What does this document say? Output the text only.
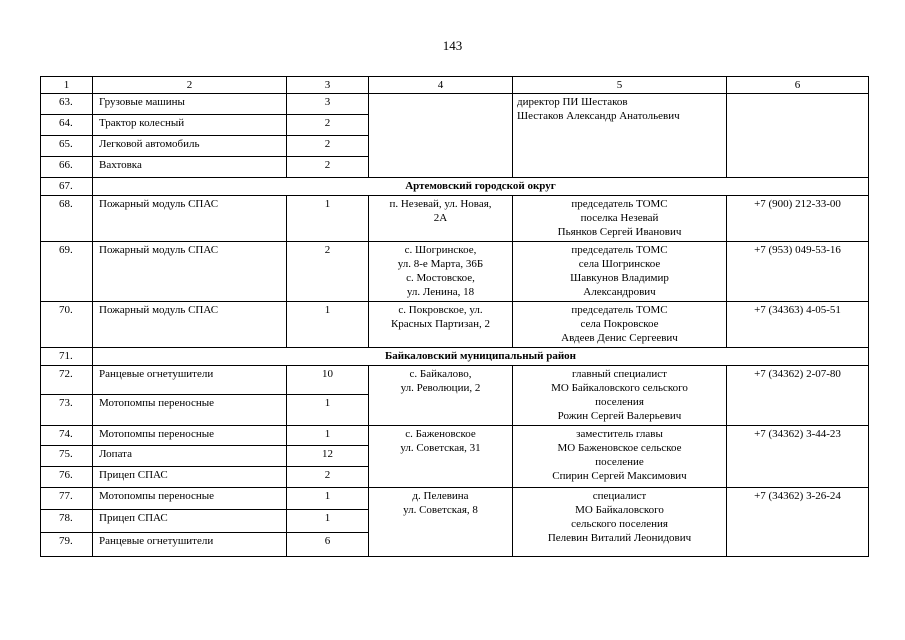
143
1	2	3	4	5	6
63.	Грузовые машины	3		директор ПИ Шестаков
Шестаков Александр Анатольевич	
64.	Трактор колесный	2			
65.	Легковой автомобиль	2			
66.	Вахтовка	2			
67.	Артемовский городской округ				
68.	Пожарный модуль СПАС	1	п. Незевай, ул. Новая,
2А	председатель ТОМС
поселка Незевай
Пьянков Сергей Иванович	+7 (900) 212-33-00
69.	Пожарный модуль СПАС	2	с. Шогринское,
ул. 8-е Марта, 36Б
с. Мостовское,
ул. Ленина, 18	председатель ТОМС
села Шогринское
Шавкунов Владимир
Александрович	+7 (953) 049-53-16
70.	Пожарный модуль СПАС	1	с. Покровское, ул.
Красных Партизан, 2	председатель ТОМС
села Покровское
Авдеев Денис Сергеевич	+7 (34363) 4-05-51
71.	Байкаловский муниципальный район				
72.	Ранцевые огнетушители	10	с. Байкалово,
ул. Революции, 2	главный специалист
МО Байкаловского сельского
поселения
Рожин Сергей Валерьевич	+7 (34362) 2-07-80
73.	Мотопомпы переносные	1			
74.	Мотопомпы переносные	1	с. Баженовское
ул. Советская, 31	заместитель главы
МО Баженовское сельское
поселение
Спирин Сергей Максимович	+7 (34362) 3-44-23
75.	Лопата	12			
76.	Прицеп СПАС	2			
77.	Мотопомпы переносные	1	д. Пелевина
ул. Советская, 8	специалист
МО Байкаловского
сельского поселения
Пелевин Виталий Леонидович	+7 (34362) 3-26-24
78.	Прицеп СПАС	1			
79.	Ранцевые огнетушители	6			
